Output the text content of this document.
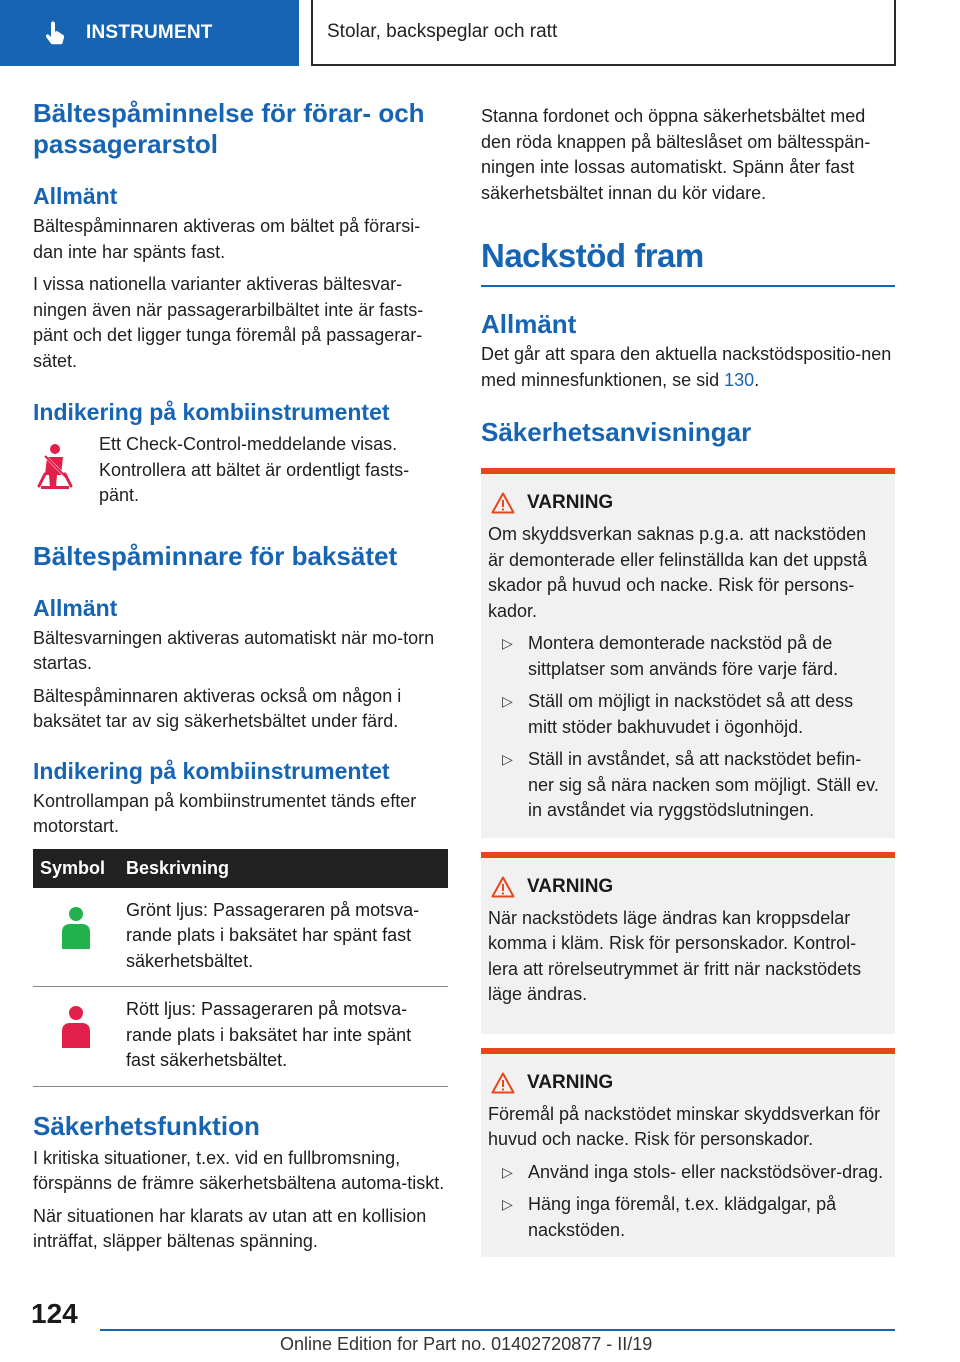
INSTRUMENT	Stolar, backspeglar och ratt
Bältespåminnelse för förar- och passagerarstol
Allmänt
Bältespåminnaren aktiveras om bältet på förarsi-dan inte har spänts fast.
I vissa nationella varianter aktiveras bältesvar-ningen även när passagerarbilbältet inte är fasts-pänt och det ligger tunga föremål på passagerar-sätet.
Indikering på kombiinstrumentet
Ett Check-Control-meddelande visas. Kontrollera att bältet är ordentligt fasts-pänt.
Bältespåminnare för baksätet
Allmänt
Bältesvarningen aktiveras automatiskt när mo-torn startas.
Bältespåminnaren aktiveras också om någon i baksätet tar av sig säkerhetsbältet under färd.
Indikering på kombiinstrumentet
Kontrollampan på kombiinstrumentet tänds efter motorstart.
Symbol	Beskrivning
	Grönt ljus: Passageraren på motsva-rande plats i baksätet har spänt fast säkerhetsbältet.
	Rött ljus: Passageraren på motsva-rande plats i baksätet har inte spänt fast säkerhetsbältet.
Säkerhetsfunktion
I kritiska situationer, t.ex. vid en fullbromsning, förspänns de främre säkerhetsbältena automa-tiskt.
När situationen har klarats av utan att en kollision inträffat, släpper bältenas spänning.
Stanna fordonet och öppna säkerhetsbältet med den röda knappen på bälteslåset om bältesspän-ningen inte lossas automatiskt. Spänn åter fast säkerhetsbältet innan du kör vidare.
Nackstöd fram
Allmänt
Det går att spara den aktuella nackstödspositio-nen med minnesfunktionen, se sid 130.
Säkerhetsanvisningar
VARNING
Om skyddsverkan saknas p.g.a. att nackstöden är demonterade eller felinställda kan det uppstå skador på huvud och nacke. Risk för persons-kador.
▷ Montera demonterade nackstöd på de sittplatser som används före varje färd.
▷ Ställ om möjligt in nackstödet så att dess mitt stöder bakhuvudet i ögonhöjd.
▷ Ställ in avståndet, så att nackstödet befin-ner sig så nära nacken som möjligt. Ställ ev. in avståndet via ryggstödslutningen.
VARNING
När nackstödets läge ändras kan kroppsdelar komma i kläm. Risk för personskador. Kontrol-lera att rörelseutrymmet är fritt när nackstödets läge ändras.
VARNING
Föremål på nackstödet minskar skyddsverkan för huvud och nacke. Risk för personskador.
▷ Använd inga stols- eller nackstödsöver-drag.
▷ Häng inga föremål, t.ex. klädgalgar, på nackstöden.
124
Online Edition for Part no. 01402720877 - II/19
